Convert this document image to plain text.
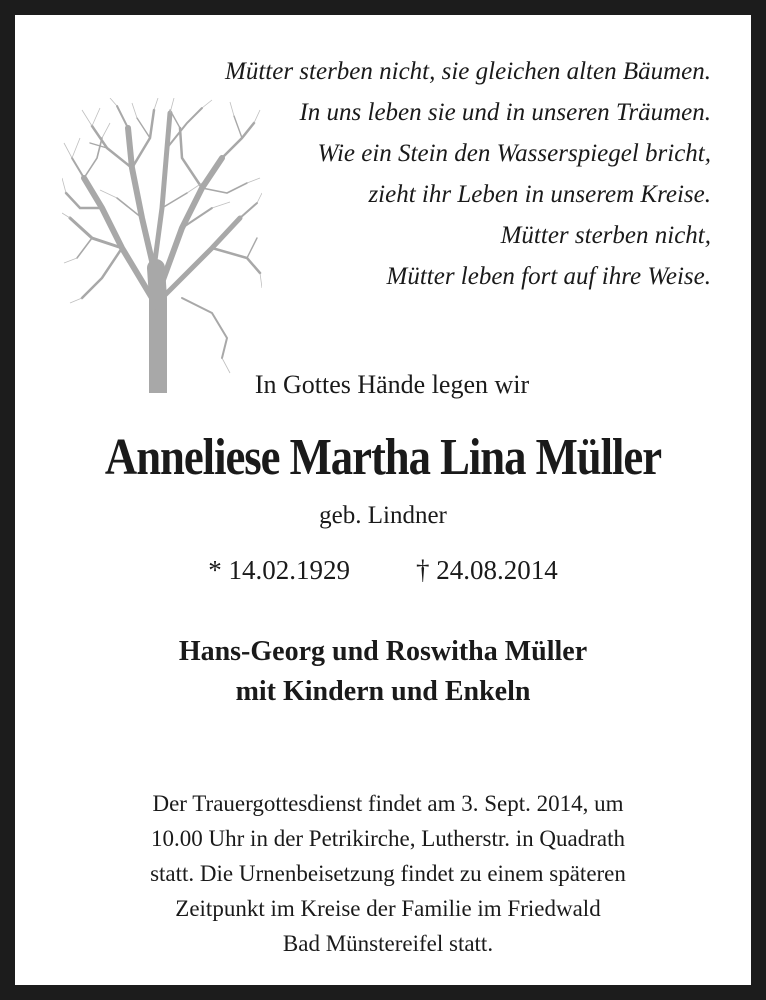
Mütter sterben nicht, sie gleichen alten Bäumen.
In uns leben sie und in unseren Träumen.
Wie ein Stein den Wasserspiegel bricht,
zieht ihr Leben in unserem Kreise.
Mütter sterben nicht,
Mütter leben fort auf ihre Weise.
In Gottes Hände legen wir
Anneliese Martha Lina Müller
geb. Lindner
* 14.02.1929 † 24.08.2014
Hans-Georg und Roswitha Müller
mit Kindern und Enkeln
Der Trauergottesdienst findet am 3. Sept. 2014, um
10.00 Uhr in der Petrikirche, Lutherstr. in Quadrath
statt. Die Urnenbeisetzung findet zu einem späteren
Zeitpunkt im Kreise der Familie im Friedwald
Bad Münstereifel statt.
